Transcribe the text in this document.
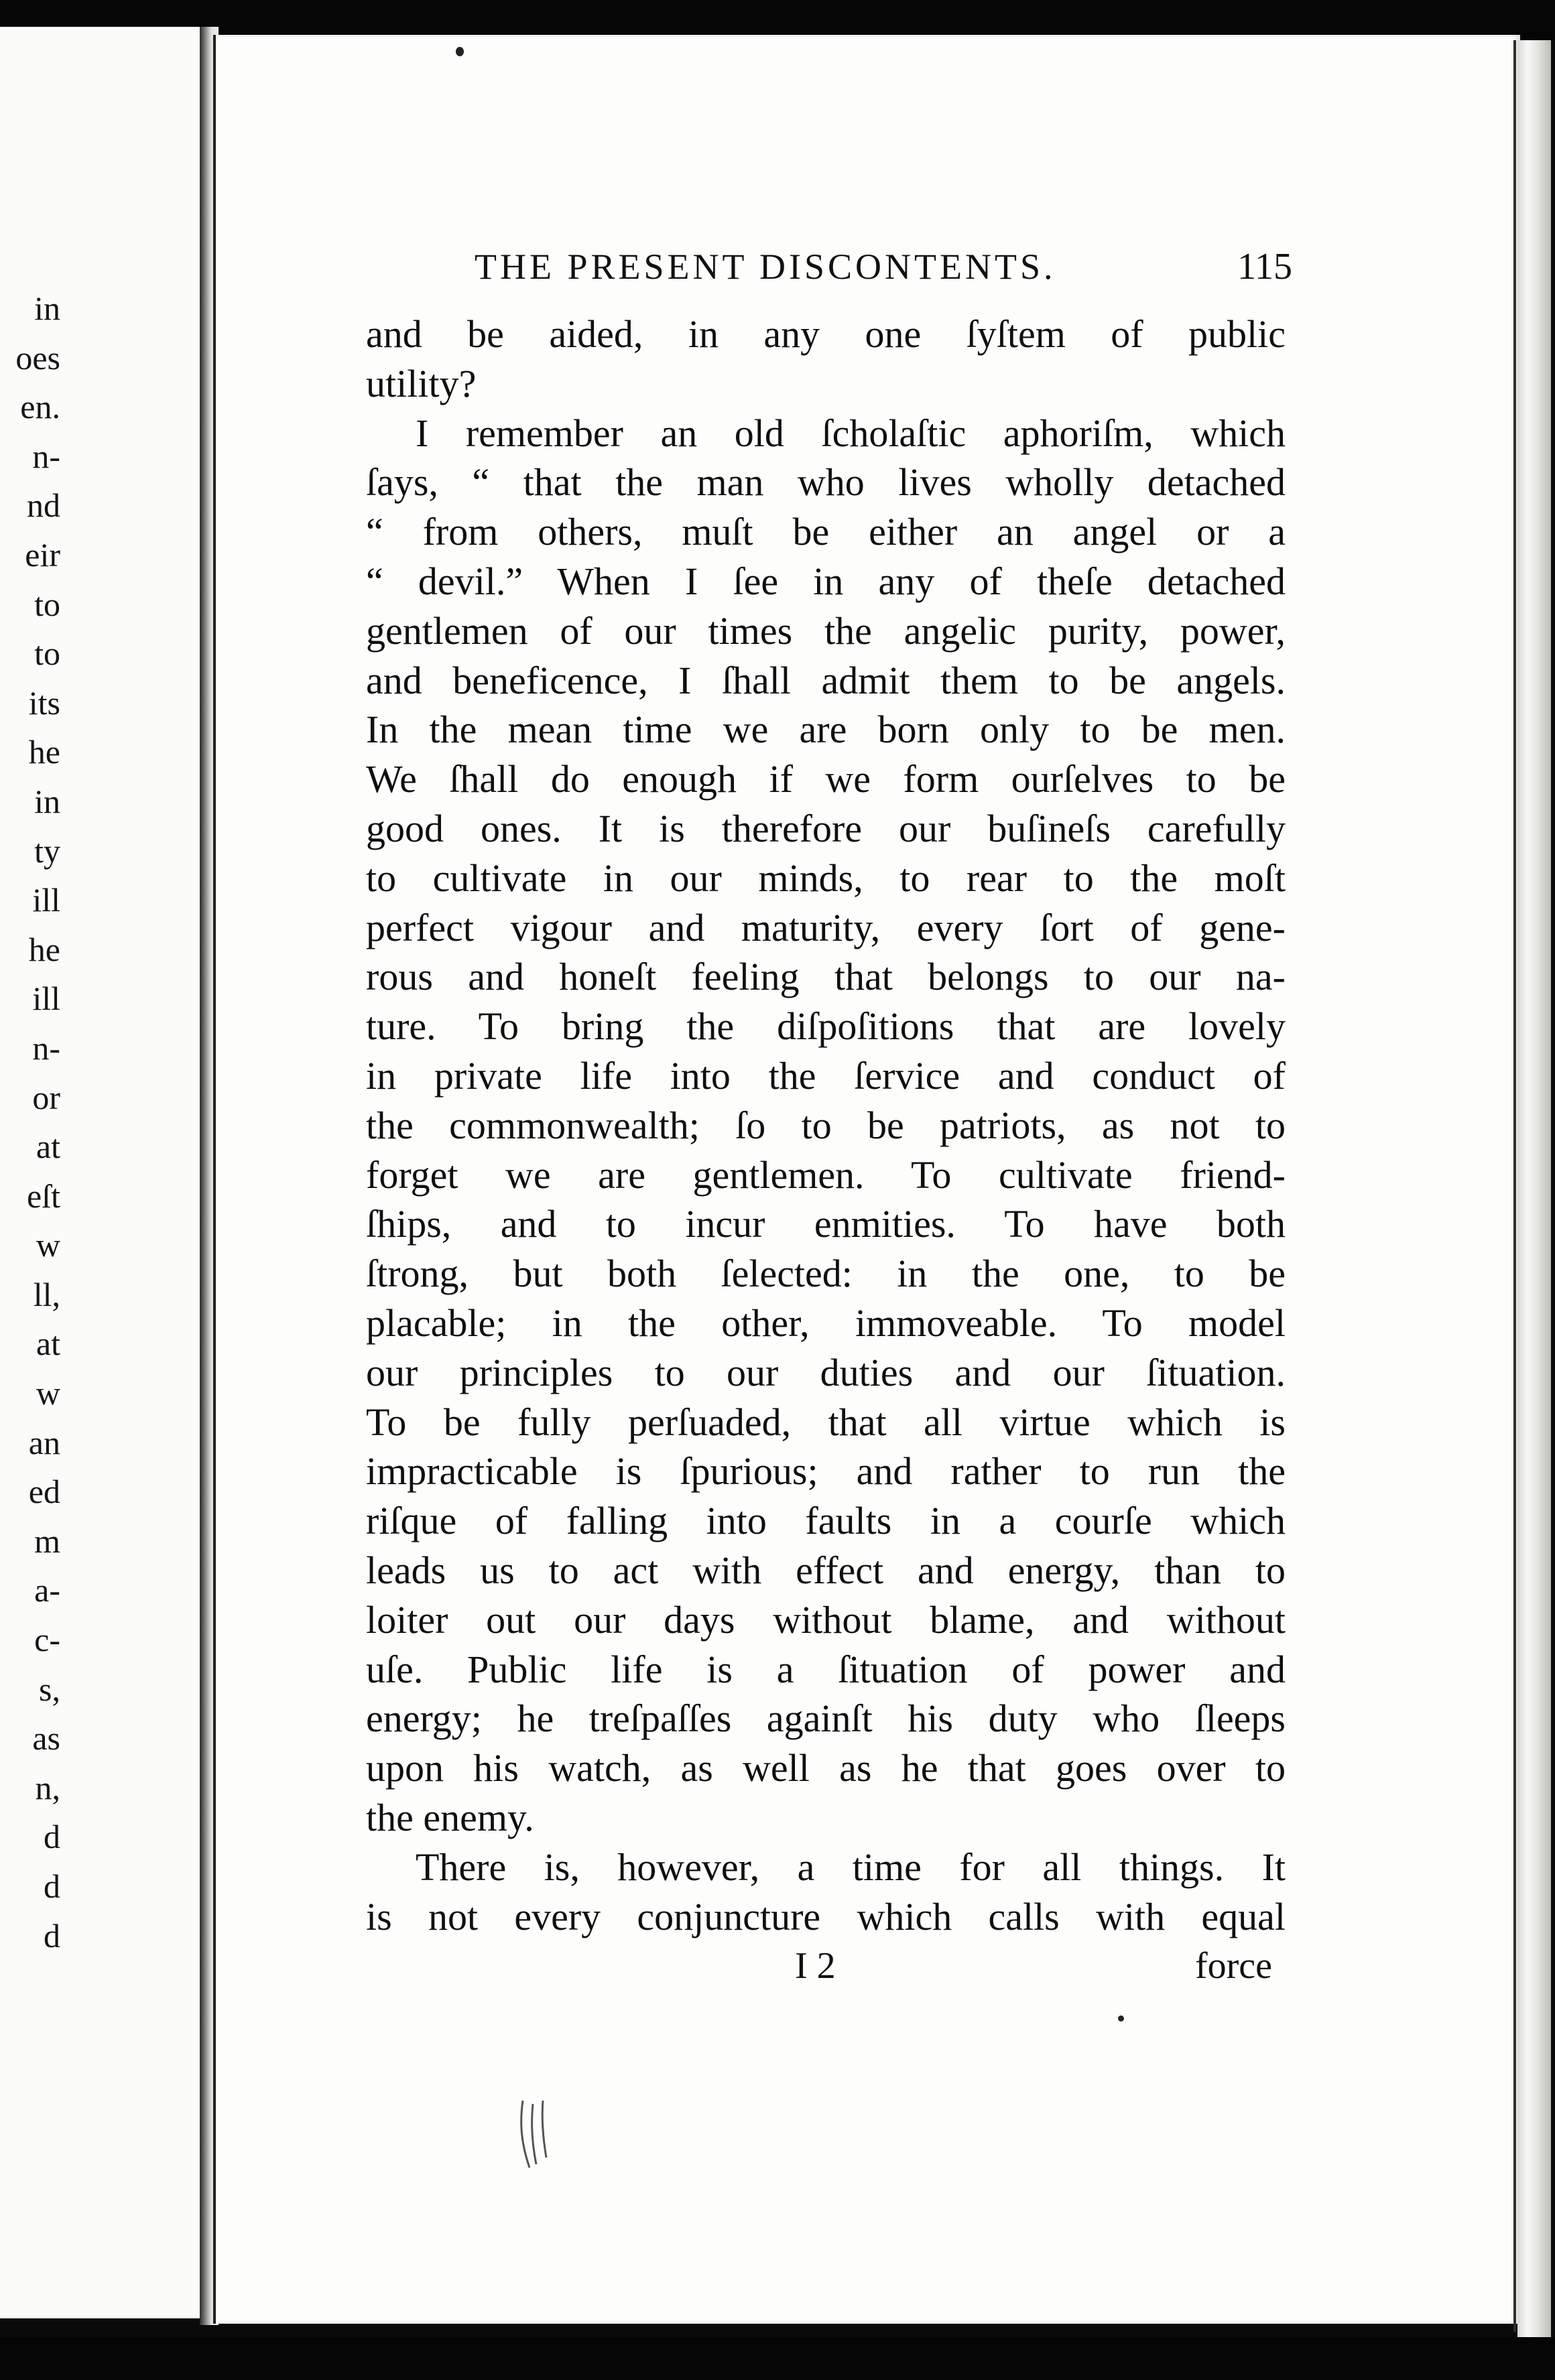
in
oes
en.
n-
nd
eir
to
to
its
he
in
ty
ill
he
ill
n-
or
at
eſt
w
ll,
at
w
an
ed
m
a-
c-
s,
as
n,
d
d
d
THE PRESENT DISCONTENTS.	115
and be aided, in any one ſyſtem of public
utility?
I remember an old ſcholaſtic aphoriſm, which
ſays, “ that the man who lives wholly detached
“ from others, muſt be either an angel or a
“ devil.” When I ſee in any of theſe detached
gentlemen of our times the angelic purity, power,
and beneficence, I ſhall admit them to be angels.
In the mean time we are born only to be men.
We ſhall do enough if we form ourſelves to be
good ones. It is therefore our buſineſs carefully
to cultivate in our minds, to rear to the moſt
perfect vigour and maturity, every ſort of gene-
rous and honeſt feeling that belongs to our na-
ture. To bring the diſpoſitions that are lovely
in private life into the ſervice and conduct of
the commonwealth; ſo to be patriots, as not to
forget we are gentlemen. To cultivate friend-
ſhips, and to incur enmities. To have both
ſtrong, but both ſelected: in the one, to be
placable; in the other, immoveable. To model
our principles to our duties and our ſituation.
To be fully perſuaded, that all virtue which is
impracticable is ſpurious; and rather to run the
riſque of falling into faults in a courſe which
leads us to act with effect and energy, than to
loiter out our days without blame, and without
uſe. Public life is a ſituation of power and
energy; he treſpaſſes againſt his duty who ſleeps
upon his watch, as well as he that goes over to
the enemy.
There is, however, a time for all things. It
is not every conjuncture which calls with equal
I 2	force
